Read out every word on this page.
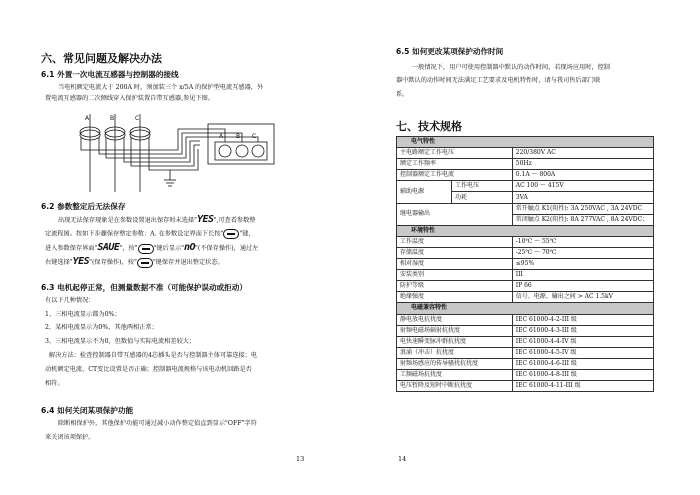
六、常见问题及解决办法
6.1 外置一次电流互感器与控制器的接线
当电机额定电流大于 200A 时，须加装三个 x/5A 的保护型电流互感器，外
置电流互感器的二次侧线穿入保护装置自带互感器,参见下图。
A	B	C
A B C
6.2 参数整定后无法保存
出现无法保存现象是在参数设置退出保存时未选择"YES",可查看参数整
定流程图。按如下步骤保存整定参数：A. 在参数设定界面下长按"	"键，
进入参数保存界面"SAUE"，按"	"键后显示"nO"(不保存操作)，通过左
右键选择"YES"(保存操作)，按"	"键保存并退出整定状态。
6.3 电机起停正常，但测量数据不准（可能保护误动或拒动）
有以下几种情况：
1、三相电流显示都为0%；
2、某相电流显示为0%，其他两相正常；
3、三相电流显示不为0，但数值与实际电流相差较大；
解决方法：检查控制器自带互感器的4芯插头是否与控制器主体可靠连接；电
动机额定电流、CT变比设置是否正确；控制器电流规格与该电动机回路是否
相符。
6.4 如何关闭某项保护功能
除断相保护外，其他保护功能可通过减小动作整定值直到显示"OFF"字符
来关闭该项保护。
13
6.5 如何更改某项保护动作时间
一般情况下，用户可使用控制器中默认的动作时间，若现场应用时，控制
器中默认的动作时间无法满足工艺要求及电机特性时，请与我司售后部门联
系。
七、技术规格
电气特性		
主电路额定工作电压		220/380V AC
额定工作频率		50Hz
控制器额定工作电流		0.1A ～ 800A
辅助电源	工作电压	AC 100 ～ 415V
	功耗	3VA
继电器输出		常开触点 K1(阻性): 3A 250VAC , 3A 24VDC
		常闭触点 K2(阻性): 8A 277VAC , 8A 24VDC；
环境特性		
工作温度		-10℃ ～ 55℃
存储温度		-25℃ ～ 70℃
相对湿度		≤95%
安装类别		III
防护等级		IP 66
绝缘强度		信号、电源、输出之间 > AC 1.5kV
电磁兼容特性		
静电放电抗扰度		IEC 61000-4-2-III 级
射频电磁场辐射抗扰度		IEC 61000-4-3-III 级
电快速瞬变脉冲群抗扰度		IEC 61000-4-4-IV 级
浪涌（冲击）抗扰度		IEC 61000-4-5-IV 级
射频场感应的传导骚扰抗扰度		IEC 61000-4-6-III 级
工频磁场抗扰度		IEC 61000-4-8-III 级
电压暂降及短时中断抗扰度		IEC 61000-4-11-III 级
14
